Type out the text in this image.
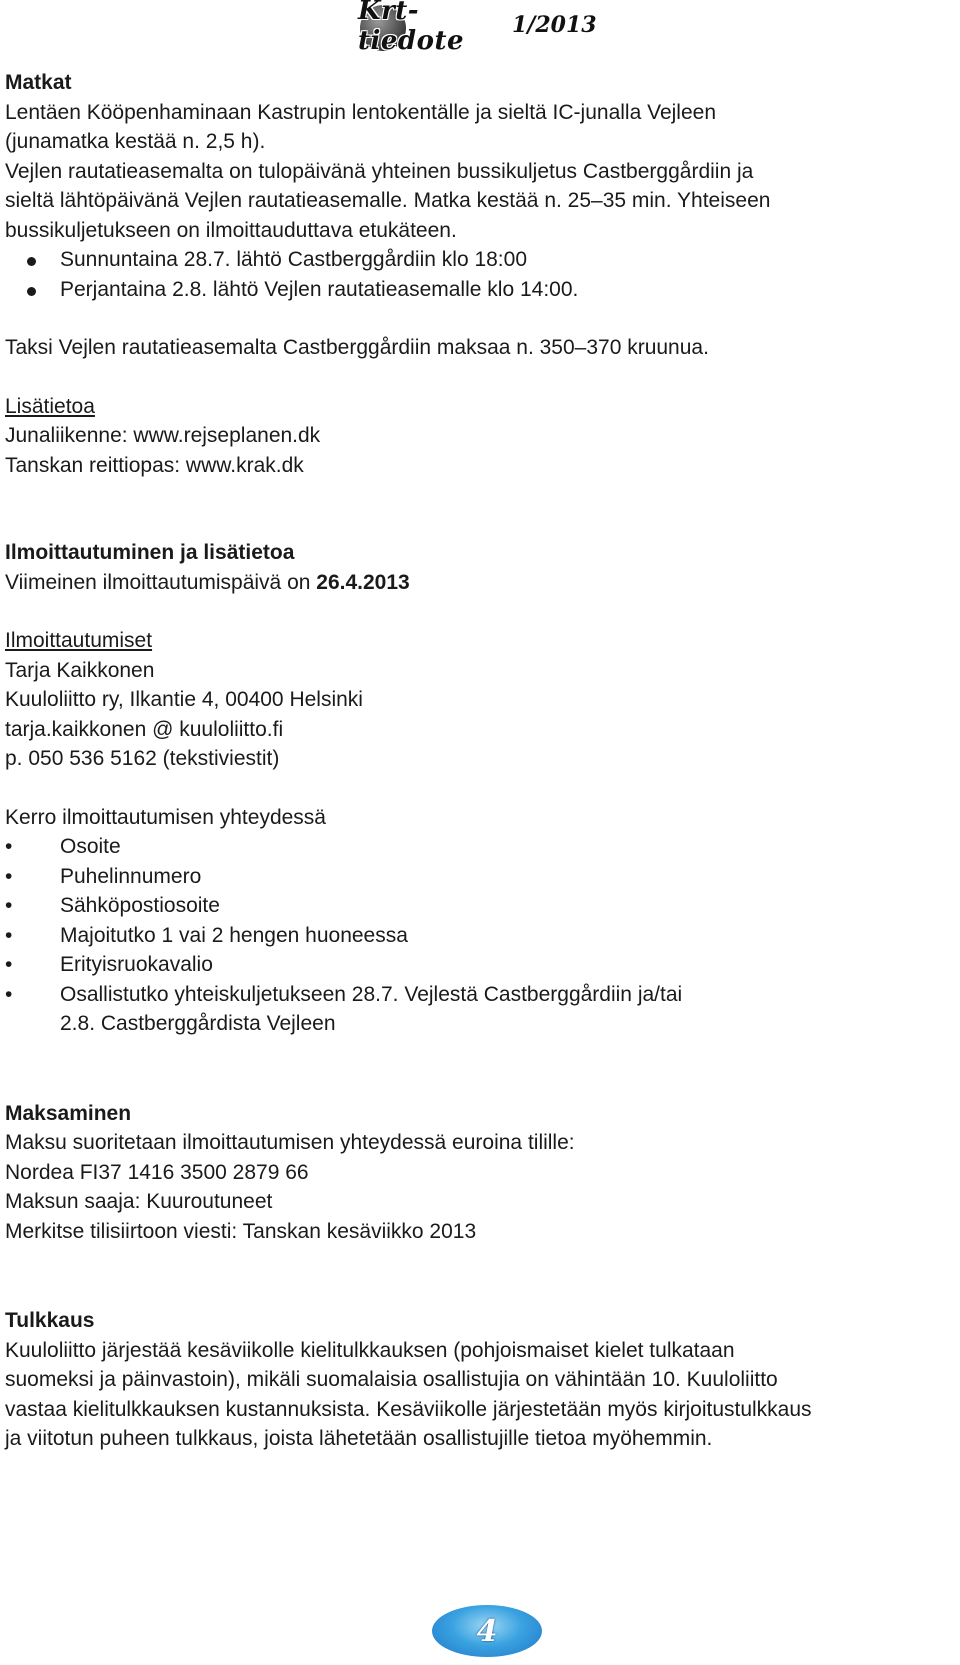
Krt-tiedote
1/2013

Matkat

Lentäen Kööpenhaminaan Kastrupin lentokentälle ja sieltä IC-junalla Vejleen

(junamatka kestää n. 2,5 h).

Vejlen rautatieasemalta on tulopäivänä yhteinen bussikuljetus Castberggårdiin ja

sieltä lähtöpäivänä Vejlen rautatieasemalle. Matka kestää n. 25–35 min. Yhteiseen

bussikuljetukseen on ilmoittauduttava etukäteen.

Sunnuntaina 28.7. lähtö Castberggårdiin klo 18:00
Perjantaina 2.8. lähtö Vejlen rautatieasemalle klo 14:00.

Taksi Vejlen rautatieasemalta Castberggårdiin maksaa n. 350–370 kruunua.

Lisätietoa

Junaliikenne: www.rejseplanen.dk

Tanskan reittiopas: www.krak.dk

Ilmoittautuminen ja lisätietoa

Viimeinen ilmoittautumispäivä on 26.4.2013

Ilmoittautumiset

Tarja Kaikkonen

Kuuloliitto ry, Ilkantie 4, 00400 Helsinki

tarja.kaikkonen @ kuuloliitto.fi

p. 050 536 5162 (tekstiviestit)

Kerro ilmoittautumisen yhteydessä

• Osoite
• Puhelinnumero
• Sähköpostiosoite
• Majoitutko 1 vai 2 hengen huoneessa
• Erityisruokavalio
• Osallistutko yhteiskuljetukseen 28.7. Vejlestä Castberggårdiin ja/tai

2.8. Castberggårdista Vejleen

Maksaminen

Maksu suoritetaan ilmoittautumisen yhteydessä euroina tilille:

Nordea FI37 1416 3500 2879 66

Maksun saaja: Kuuroutuneet

Merkitse tilisiirtoon viesti: Tanskan kesäviikko 2013

Tulkkaus

Kuuloliitto järjestää kesäviikolle kielitulkkauksen (pohjoismaiset kielet tulkataan

suomeksi ja päinvastoin), mikäli suomalaisia osallistujia on vähintään 10. Kuuloliitto

vastaa kielitulkkauksen kustannuksista. Kesäviikolle järjestetään myös kirjoitustulkkaus

ja viitotun puheen tulkkaus, joista lähetetään osallistujille tietoa myöhemmin.

4
